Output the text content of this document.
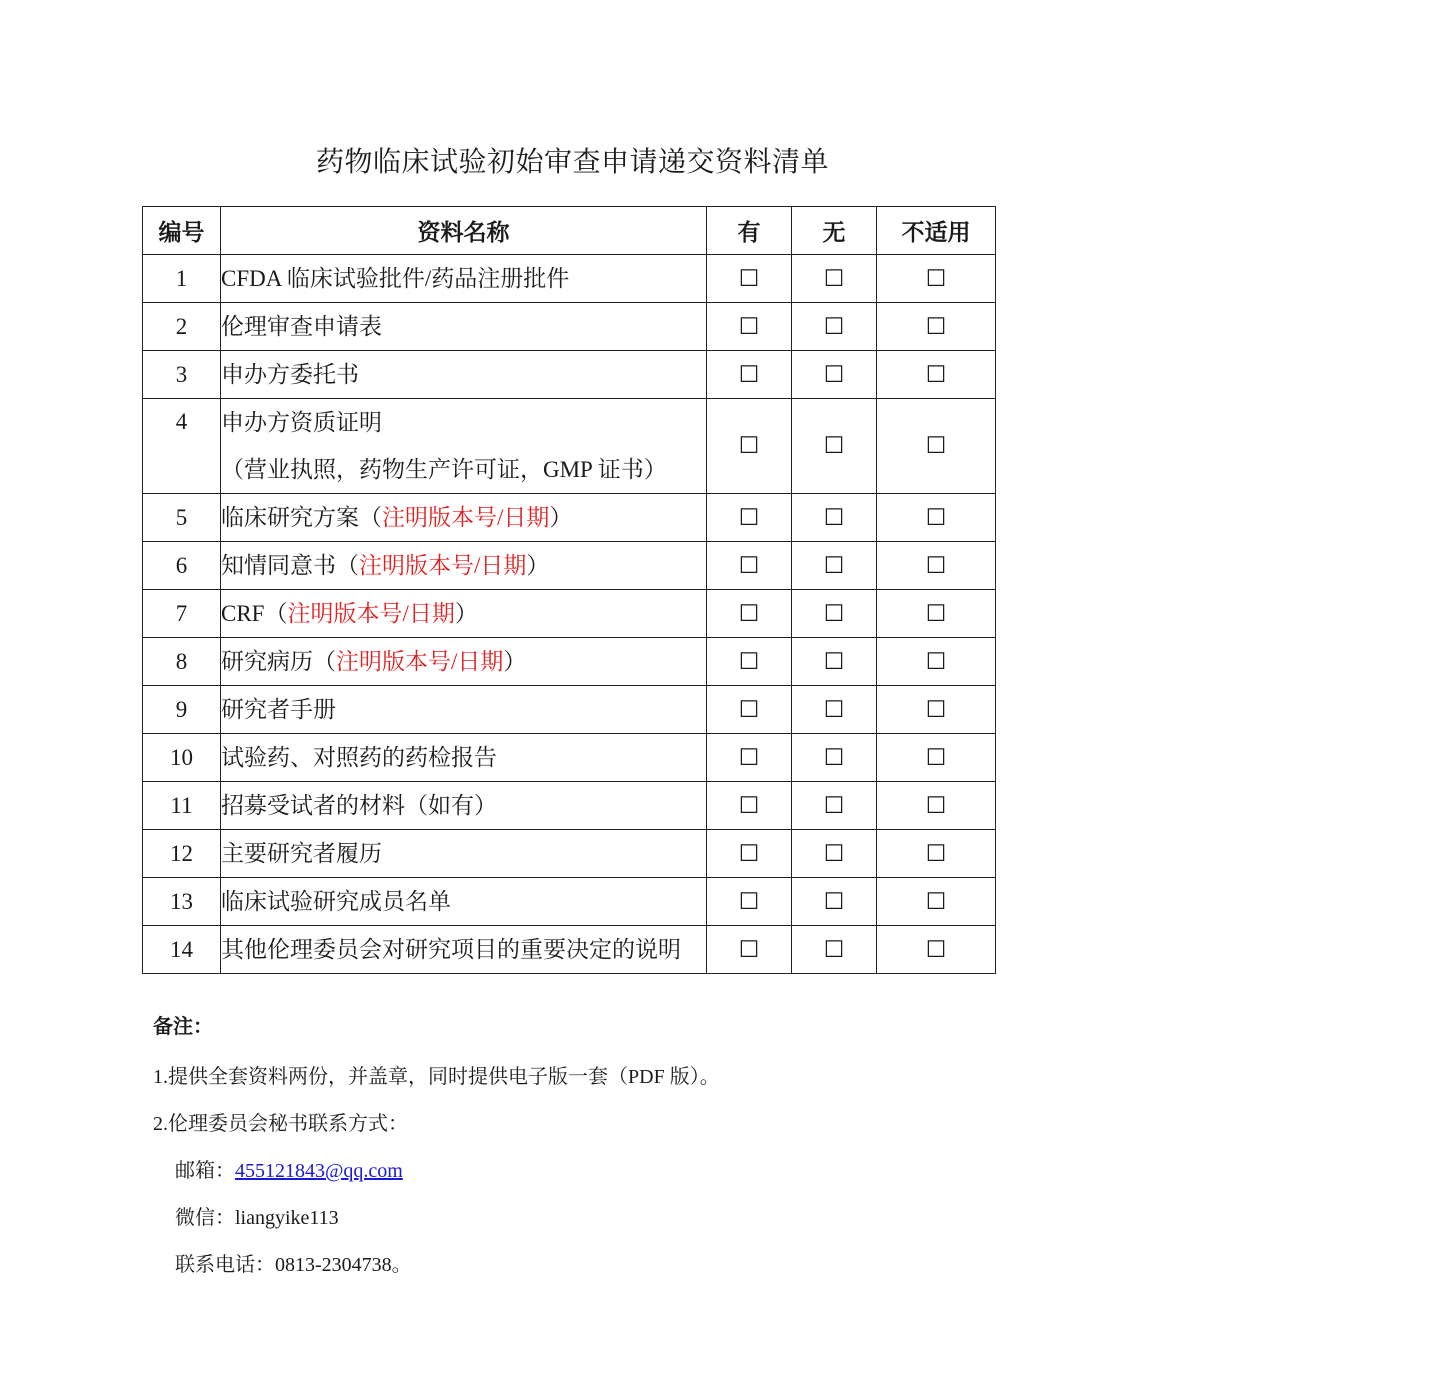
药物临床试验初始审查申请递交资料清单
编号	资料名称	有	无	不适用
1	CFDA 临床试验批件/药品注册批件	☐	☐	☐
2	伦理审查申请表	☐	☐	☐
3	申办方委托书	☐	☐	☐
4	申办方资质证明
（营业执照，药物生产许可证，GMP 证书）	☐	☐	☐
5	临床研究方案（注明版本号/日期）	☐	☐	☐
6	知情同意书（注明版本号/日期）	☐	☐	☐
7	CRF（注明版本号/日期）	☐	☐	☐
8	研究病历（注明版本号/日期）	☐	☐	☐
9	研究者手册	☐	☐	☐
10	试验药、对照药的药检报告	☐	☐	☐
11	招募受试者的材料（如有）	☐	☐	☐
12	主要研究者履历	☐	☐	☐
13	临床试验研究成员名单	☐	☐	☐
14	其他伦理委员会对研究项目的重要决定的说明	☐	☐	☐
备注：
1.提供全套资料两份，并盖章，同时提供电子版一套（PDF 版）。
2.伦理委员会秘书联系方式：
邮箱：455121843@qq.com
微信：liangyike113
联系电话：0813-2304738。
